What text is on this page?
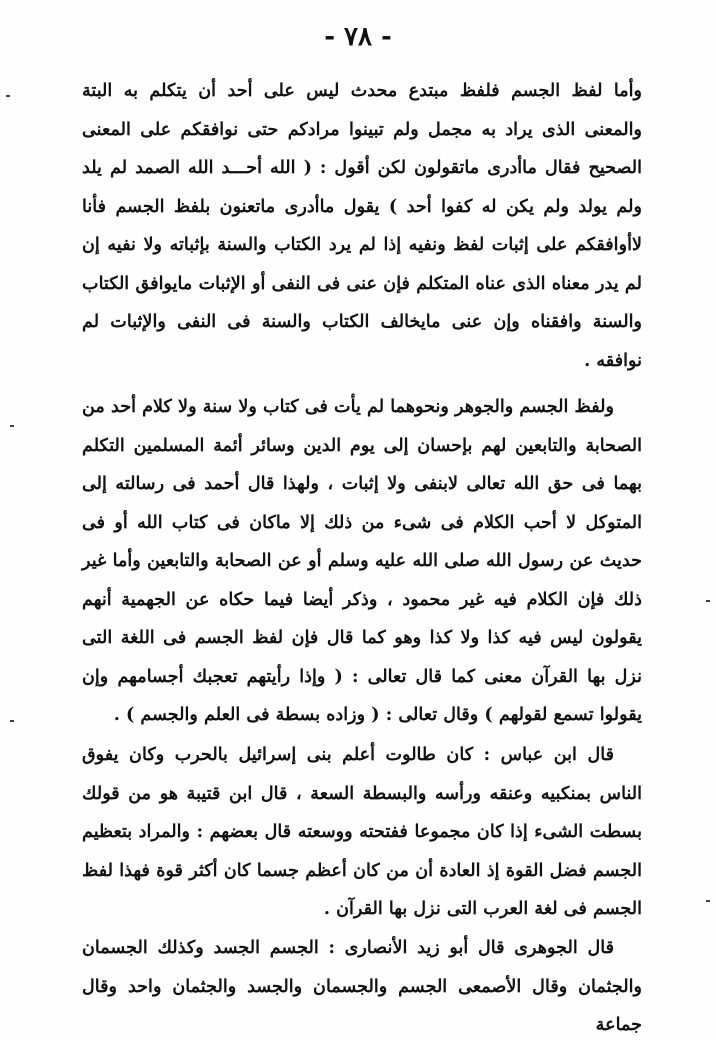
- ٧٨ -
وأما لفظ الجسم فلفظ مبتدع محدث ليس على أحد أن يتكلم به البتة والمعنى الذى يراد به مجمل ولم تبينوا مرادكم حتى نوافقكم على المعنى الصحيح فقال ماأدرى ماتقولون لكن أقول : ( الله أحـــد الله الصمد لم يلد ولم يولد ولم يكن له كفوا أحد ) يقول ماأدرى ماتعنون بلفظ الجسم فأنا لاأوافقكم على إثبات لفظ ونفيه إذا لم يرد الكتاب والسنة بإثباته ولا نفيه إن لم يدر معناه الذى عناه المتكلم فإن عنى فى النفى أو الإثبات مايوافق الكتاب والسنة وافقناه وإن عنى مايخالف الكتاب والسنة فى النفى والإثبات لم نوافقه .
ولفظ الجسم والجوهر ونحوهما لم يأت فى كتاب ولا سنة ولا كلام أحد من الصحابة والتابعين لهم بإحسان إلى يوم الدين وسائر أئمة المسلمين التكلم بهما فى حق الله تعالى لابنفى ولا إثبات ، ولهذا قال أحمد فى رسالته إلى المتوكل لا أحب الكلام فى شىء من ذلك إلا ماكان فى كتاب الله أو فى حديث عن رسول الله صلى الله عليه وسلم أو عن الصحابة والتابعين وأما غير ذلك فإن الكلام فيه غير محمود ، وذكر أيضا فيما حكاه عن الجهمية أنهم يقولون ليس فيه كذا ولا كذا وهو كما قال فإن لفظ الجسم فى اللغة التى نزل بها القرآن معنى كما قال تعالى : ( وإذا رأيتهم تعجبك أجسامهم وإن يقولوا تسمع لقولهم ) وقال تعالى : ( وزاده بسطة فى العلم والجسم ) .
قال ابن عباس : كان طالوت أعلم بنى إسرائيل بالحرب وكان يفوق الناس بمنكبيه وعنقه ورأسه والبسطة السعة ، قال ابن قتيبة هو من قولك بسطت الشىء إذا كان مجموعا ففتحته ووسعته قال بعضهم : والمراد بتعظيم الجسم فضل القوة إذ العادة أن من كان أعظم جسما كان أكثر قوة فهذا لفظ الجسم فى لغة العرب التى نزل بها القرآن .
قال الجوهرى قال أبو زيد الأنصارى : الجسم الجسد وكذلك الجسمان والجثمان وقال الأصمعى الجسم والجسمان والجسد والجثمان واحد وقال جماعة
